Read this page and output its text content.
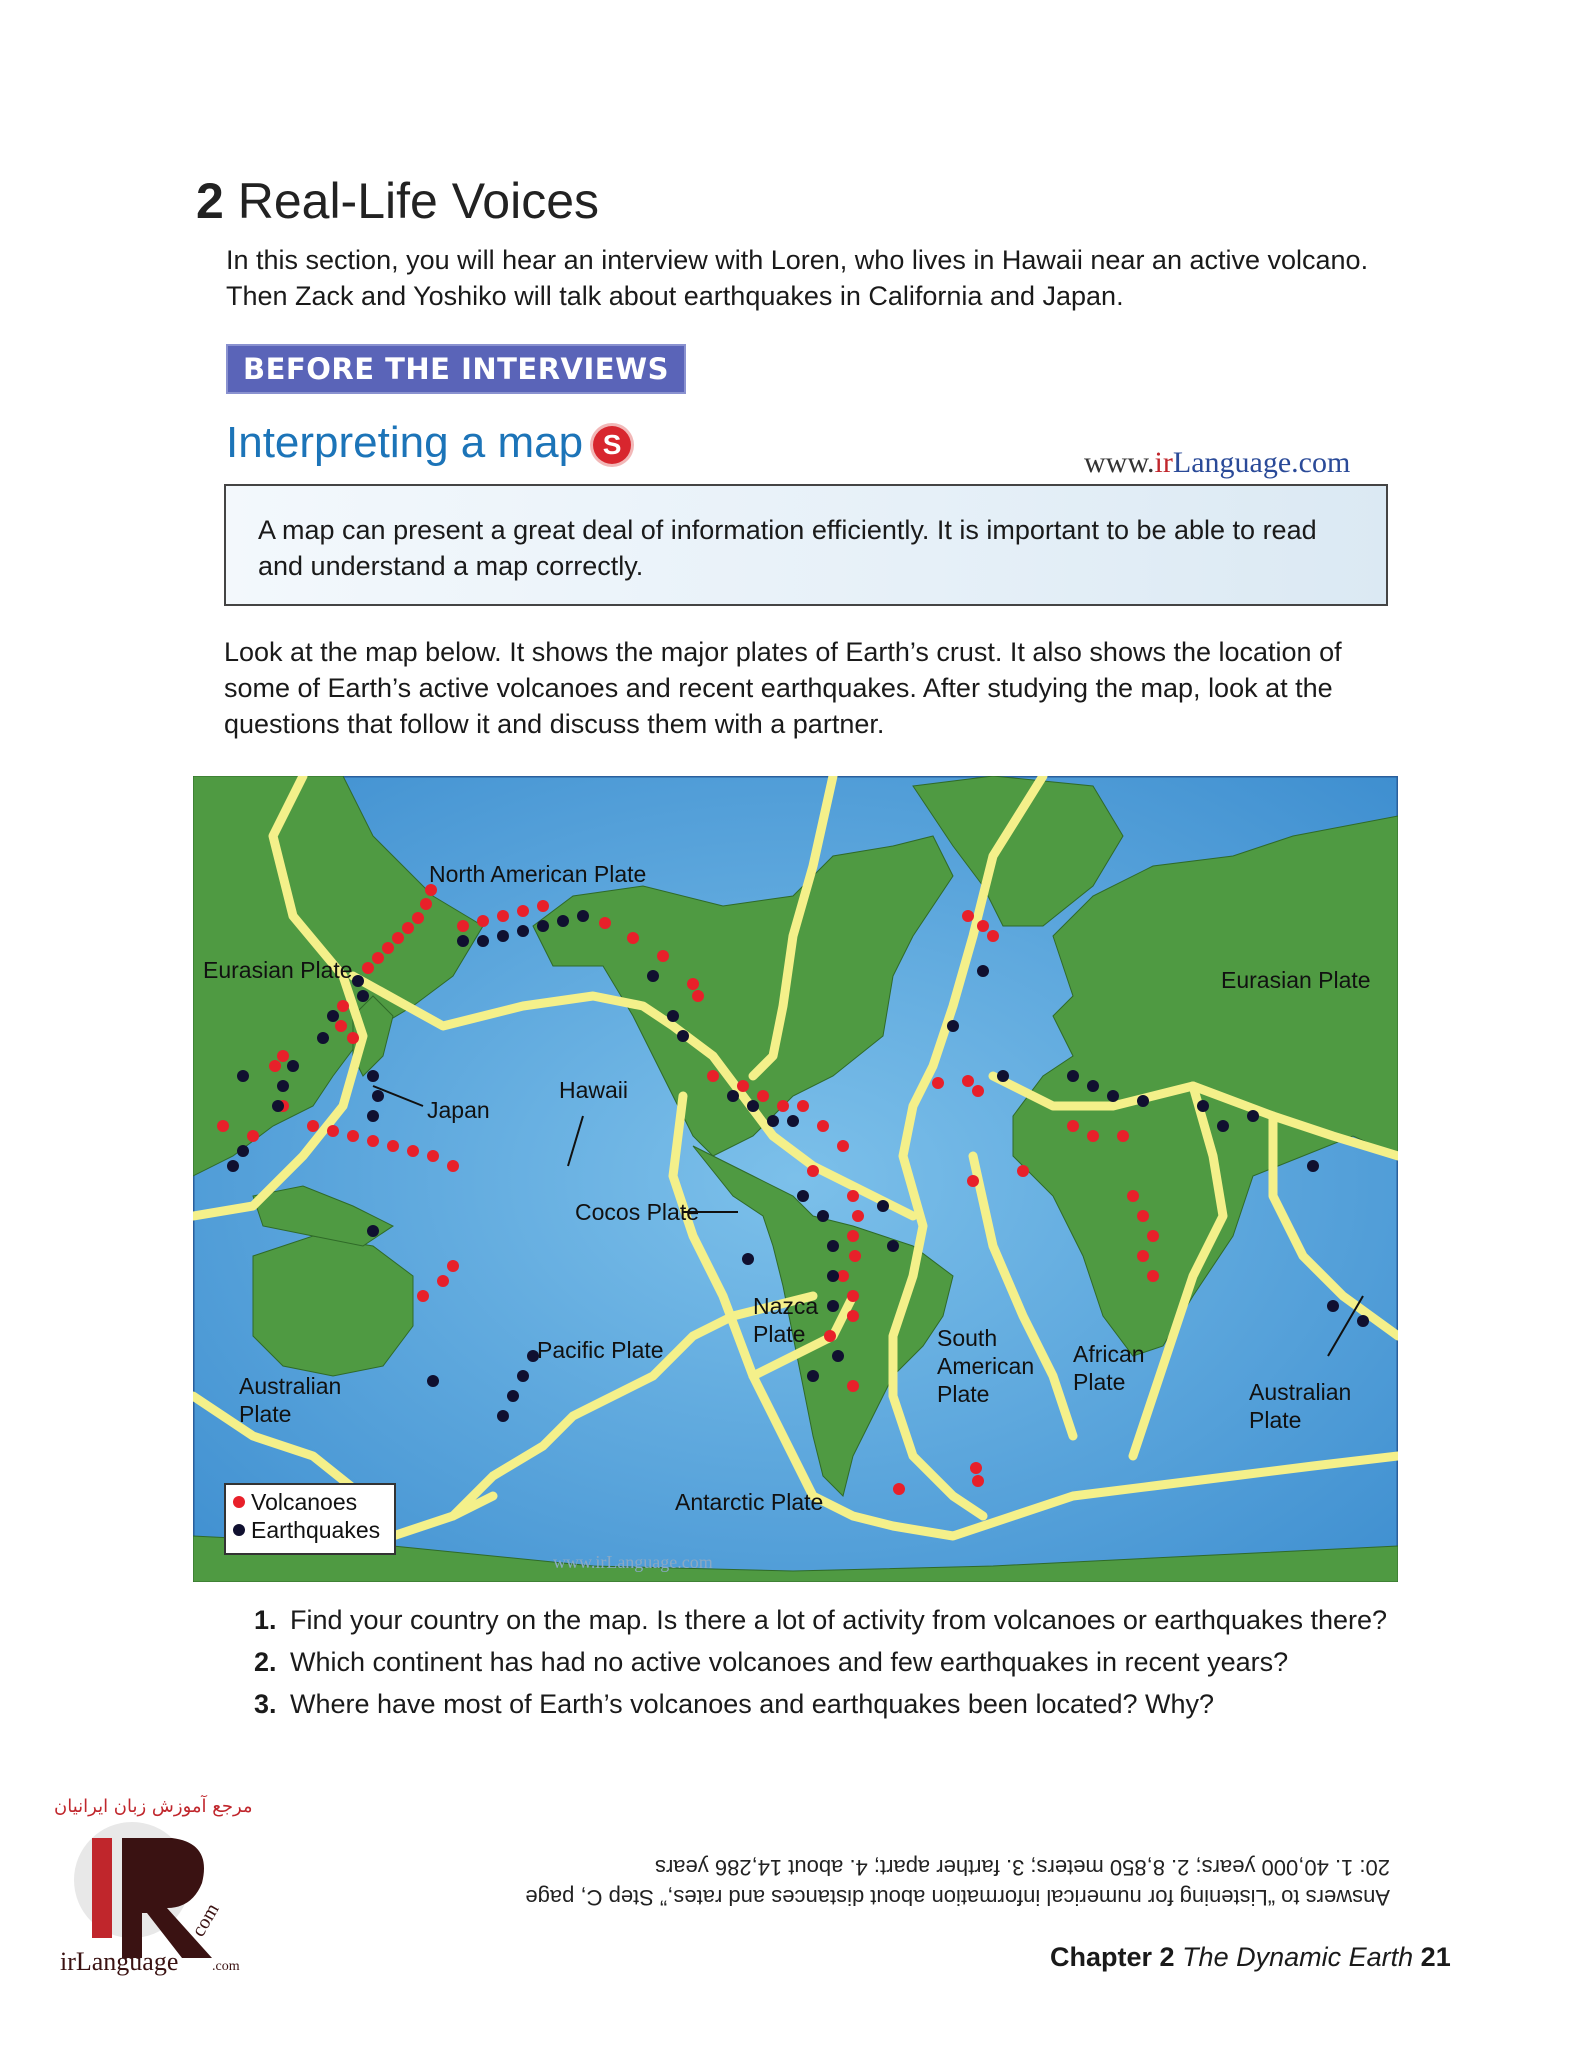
2 Real-Life Voices
In this section, you will hear an interview with Loren, who lives in Hawaii near an active volcano. Then Zack and Yoshiko will talk about earthquakes in California and Japan.
BEFORE THE INTERVIEWS
Interpreting a map S
www.irLanguage.com

A map can present a great deal of information efficiently. It is important to be able to read and understand a map correctly.

Look at the map below. It shows the major plates of Earth’s crust. It also shows the location of some of Earth’s active volcanoes and recent earthquakes. After studying the map, look at the questions that follow it and discuss them with a partner.
North American Plate
Eurasian Plate	Eurasian Plate
Japan
Hawaii
Cocos Plate
Nazca
Plate
Pacific Plate	South
American
Plate
African
Plate
Australian
Plate
Australian
Plate
Antarctic Plate
www.irLanguage.com
Volcanoes
Earthquakes
1. Find your country on the map. Is there a lot of activity from volcanoes or earthquakes there?
2. Which continent has had no active volcanoes and few earthquakes in recent years?
3. Where have most of Earth’s volcanoes and earthquakes been located? Why?
مرجع آموزش زبان ایرانیان
com
irLanguage .com
Answers to “Listening for numerical information about distances and rates,” Step C, page 20: 1. 40,000 years; 2. 8,850 meters; 3. farther apart; 4. about 14,286 years
Chapter 2 The Dynamic Earth 21
